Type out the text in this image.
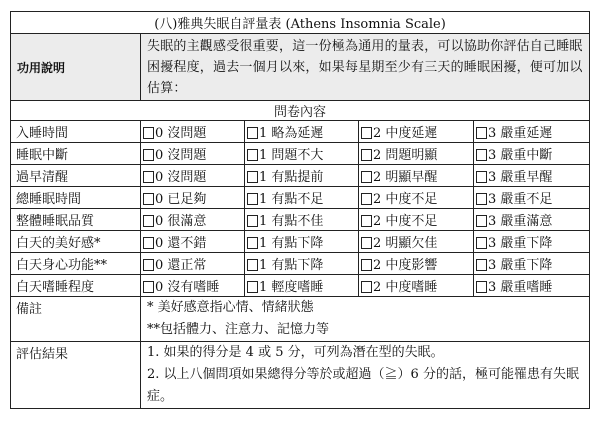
(八)雅典失眠自評量表 (Athens Insomnia Scale)				
功用說明	失眠的主觀感受很重要，這一份極為通用的量表，可以協助你評估自己睡眠困擾程度，過去一個月以來，如果每星期至少有三天的睡眠困擾，便可加以估算：			
問卷內容				
入睡時間	0 沒問題	1 略為延遲	2 中度延遲	3 嚴重延遲
睡眠中斷	0 沒問題	1 問題不大	2 問題明顯	3 嚴重中斷
過早清醒	0 沒問題	1 有點提前	2 明顯早醒	3 嚴重早醒
總睡眠時間	0 已足夠	1 有點不足	2 中度不足	3 嚴重不足
整體睡眠品質	0 很滿意	1 有點不佳	2 中度不足	3 嚴重滿意
白天的美好感*	0 還不錯	1 有點下降	2 明顯欠佳	3 嚴重下降
白天身心功能**	0 還正常	1 有點下降	2 中度影響	3 嚴重下降
白天嗜睡程度	0 沒有嗜睡	1 輕度嗜睡	2 中度嗜睡	3 嚴重嗜睡
備註	* 美好感意指心情、情緒狀態
**包括體力、注意力、記憶力等			

評估結果	1. 如果的得分是 4 或 5 分，可列為潛在型的失眠。
2. 以上八個問項如果總得分等於或超過（≧）6 分的話，極可能罹患有失眠症。			
